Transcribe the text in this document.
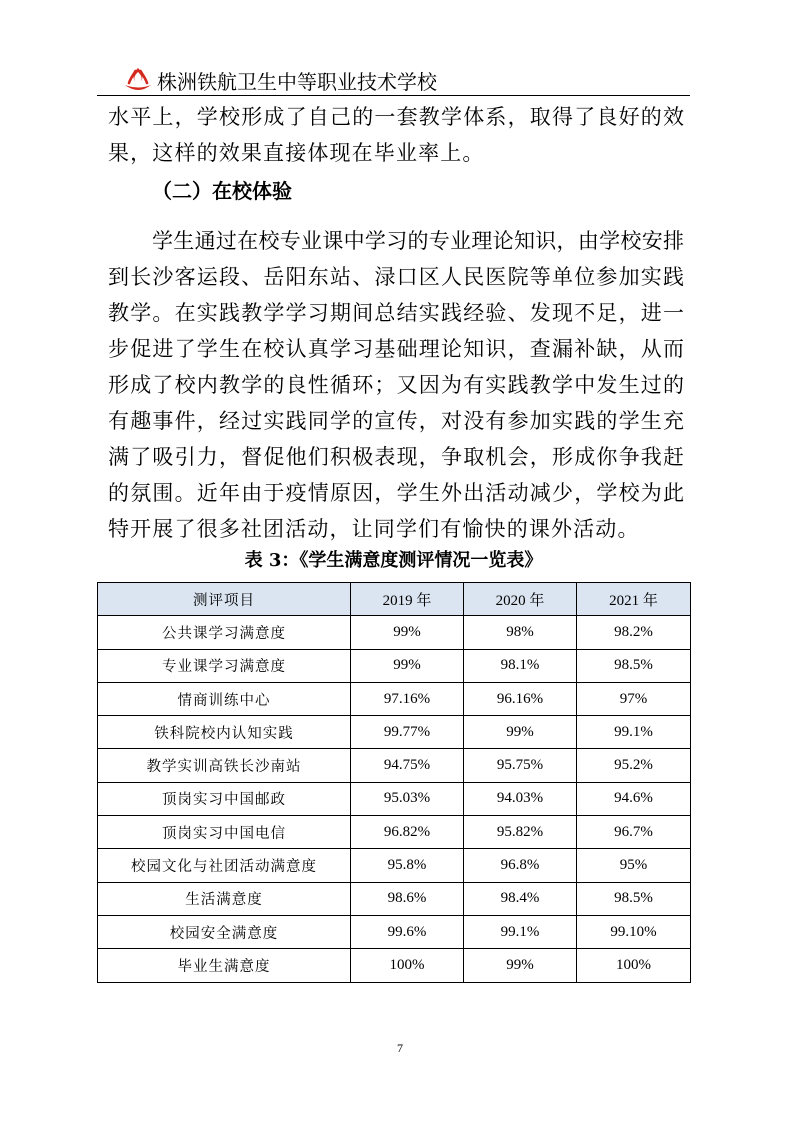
株洲铁航卫生中等职业技术学校
水平上，学校形成了自己的一套教学体系，取得了良好的效
果，这样的效果直接体现在毕业率上。
（二）在校体验
学生通过在校专业课中学习的专业理论知识，由学校安排
到长沙客运段、岳阳东站、渌口区人民医院等单位参加实践
教学。在实践教学学习期间总结实践经验、发现不足，进一
步促进了学生在校认真学习基础理论知识，查漏补缺，从而
形成了校内教学的良性循环；又因为有实践教学中发生过的
有趣事件，经过实践同学的宣传，对没有参加实践的学生充
满了吸引力，督促他们积极表现，争取机会，形成你争我赶
的氛围。近年由于疫情原因，学生外出活动减少，学校为此
特开展了很多社团活动，让同学们有愉快的课外活动。
表 3：《学生满意度测评情况一览表》
测评项目	2019 年	2020 年	2021 年
公共课学习满意度	99%	98%	98.2%
专业课学习满意度	99%	98.1%	98.5%
情商训练中心	97.16%	96.16%	97%
铁科院校内认知实践	99.77%	99%	99.1%
教学实训高铁长沙南站	94.75%	95.75%	95.2%
顶岗实习中国邮政	95.03%	94.03%	94.6%
顶岗实习中国电信	96.82%	95.82%	96.7%
校园文化与社团活动满意度	95.8%	96.8%	95%
生活满意度	98.6%	98.4%	98.5%
校园安全满意度	99.6%	99.1%	99.10%
毕业生满意度	100%	99%	100%
7
